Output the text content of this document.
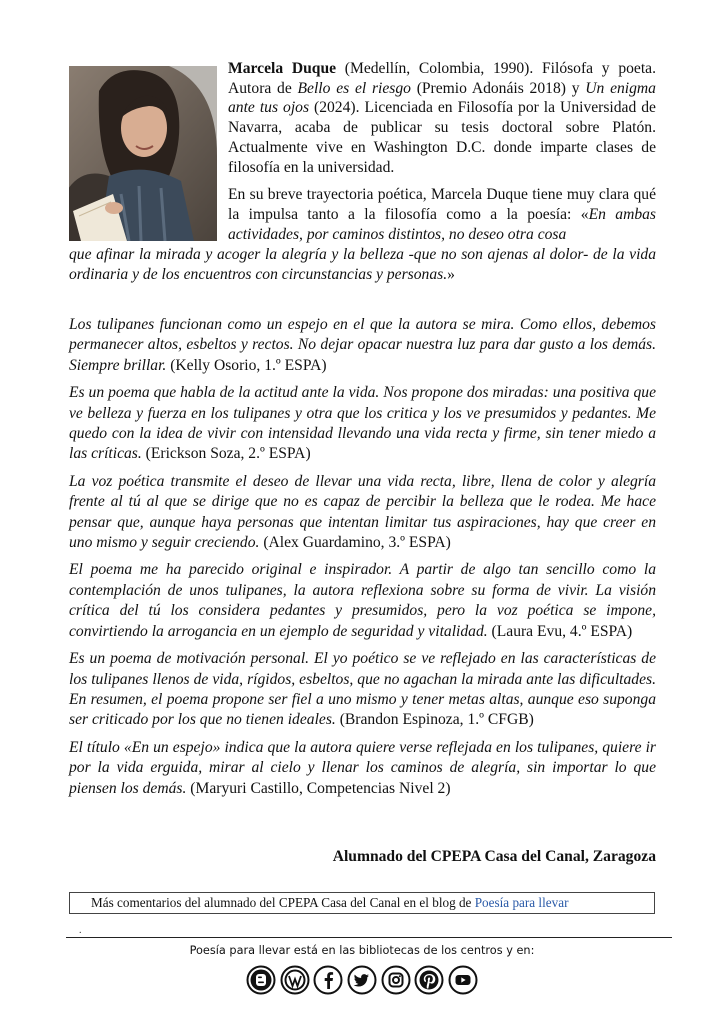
Marcela Duque (Medellín, Colombia, 1990). Filósofa y poeta. Autora de Bello es el riesgo (Premio Adonáis 2018) y Un enigma ante tus ojos (2024). Licenciada en Filosofía por la Universidad de Navarra, acaba de publicar su tesis doctoral sobre Platón. Actualmente vive en Washington D.C. donde imparte clases de filosofía en la universidad.

En su breve trayectoria poética, Marcela Duque tiene muy clara qué la impulsa tanto a la filosofía como a la poesía: «En ambas actividades, por caminos distintos, no deseo otra cosa

que afinar la mirada y acoger la alegría y la belleza -que no son ajenas al dolor- de la vida ordinaria y de los encuentros con circunstancias y personas.»

Los tulipanes funcionan como un espejo en el que la autora se mira. Como ellos, debemos permanecer altos, esbeltos y rectos. No dejar opacar nuestra luz para dar gusto a los demás. Siempre brillar. (Kelly Osorio, 1.º ESPA)

Es un poema que habla de la actitud ante la vida. Nos propone dos miradas: una positiva que ve belleza y fuerza en los tulipanes y otra que los critica y los ve presumidos y pedantes. Me quedo con la idea de vivir con intensidad llevando una vida recta y firme, sin tener miedo a las críticas. (Erickson Soza, 2.º ESPA)

La voz poética transmite el deseo de llevar una vida recta, libre, llena de color y alegría frente al tú al que se dirige que no es capaz de percibir la belleza que le rodea. Me hace pensar que, aunque haya personas que intentan limitar tus aspiraciones, hay que creer en uno mismo y seguir creciendo. (Alex Guardamino, 3.º ESPA)

El poema me ha parecido original e inspirador. A partir de algo tan sencillo como la contemplación de unos tulipanes, la autora reflexiona sobre su forma de vivir. La visión crítica del tú los considera pedantes y presumidos, pero la voz poética se impone, convirtiendo la arrogancia en un ejemplo de seguridad y vitalidad. (Laura Evu, 4.º ESPA)

Es un poema de motivación personal. El yo poético se ve reflejado en las características de los tulipanes llenos de vida, rígidos, esbeltos, que no agachan la mirada ante las dificultades. En resumen, el poema propone ser fiel a uno mismo y tener metas altas, aunque eso suponga ser criticado por los que no tienen ideales. (Brandon Espinoza, 1.º CFGB)

El título «En un espejo» indica que la autora quiere verse reflejada en los tulipanes, quiere ir por la vida erguida, mirar al cielo y llenar los caminos de alegría, sin importar lo que piensen los demás. (Maryuri Castillo, Competencias Nivel 2)

Alumnado del CPEPA Casa del Canal, Zaragoza
Más comentarios del alumnado del CPEPA Casa del Canal en el blog de Poesía para llevar
.
Poesía para llevar está en las bibliotecas de los centros y en:
